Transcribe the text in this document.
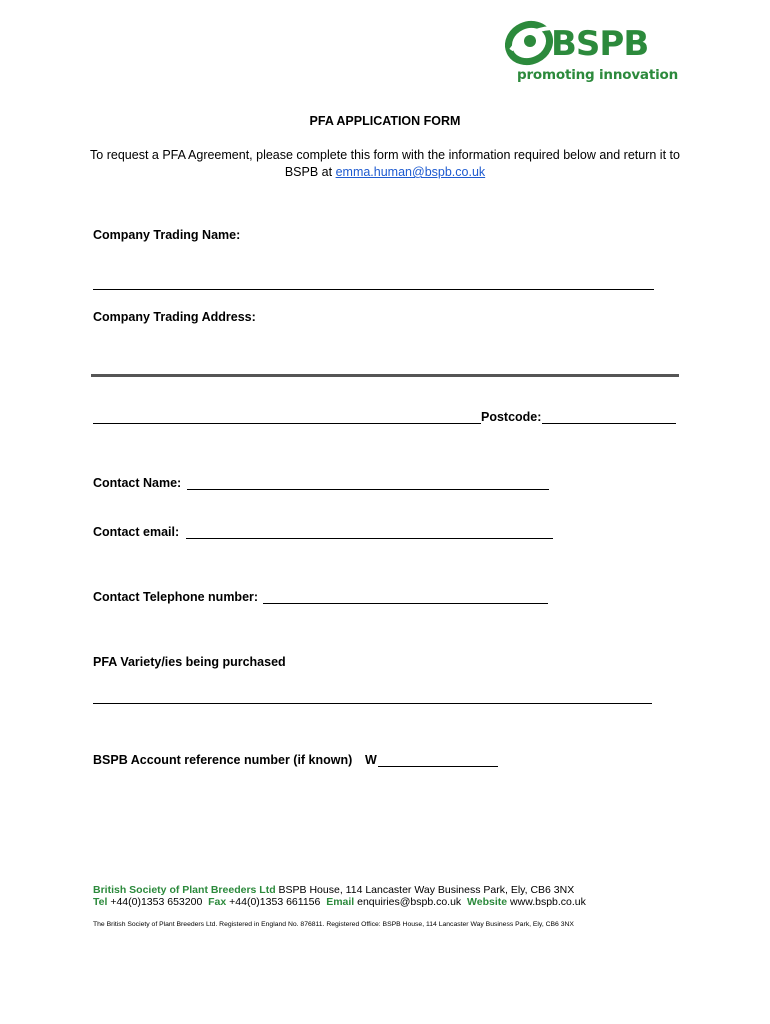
BSPB
promoting innovation
PFA APPLICATION FORM
To request a PFA Agreement, please complete this form with the information required below and return it to BSPB at emma.human@bspb.co.uk
Company Trading Name:
Company Trading Address:
Postcode:
Contact Name:
Contact email:
Contact Telephone number:
PFA Variety/ies being purchased
BSPB Account reference number (if known) W
British Society of Plant Breeders Ltd BSPB House, 114 Lancaster Way Business Park, Ely, CB6 3NX
Tel +44(0)1353 653200 Fax +44(0)1353 661156 Email enquiries@bspb.co.uk Website www.bspb.co.uk
The British Society of Plant Breeders Ltd. Registered in England No. 876811. Registered Office: BSPB House, 114 Lancaster Way Business Park, Ely, CB6 3NX
